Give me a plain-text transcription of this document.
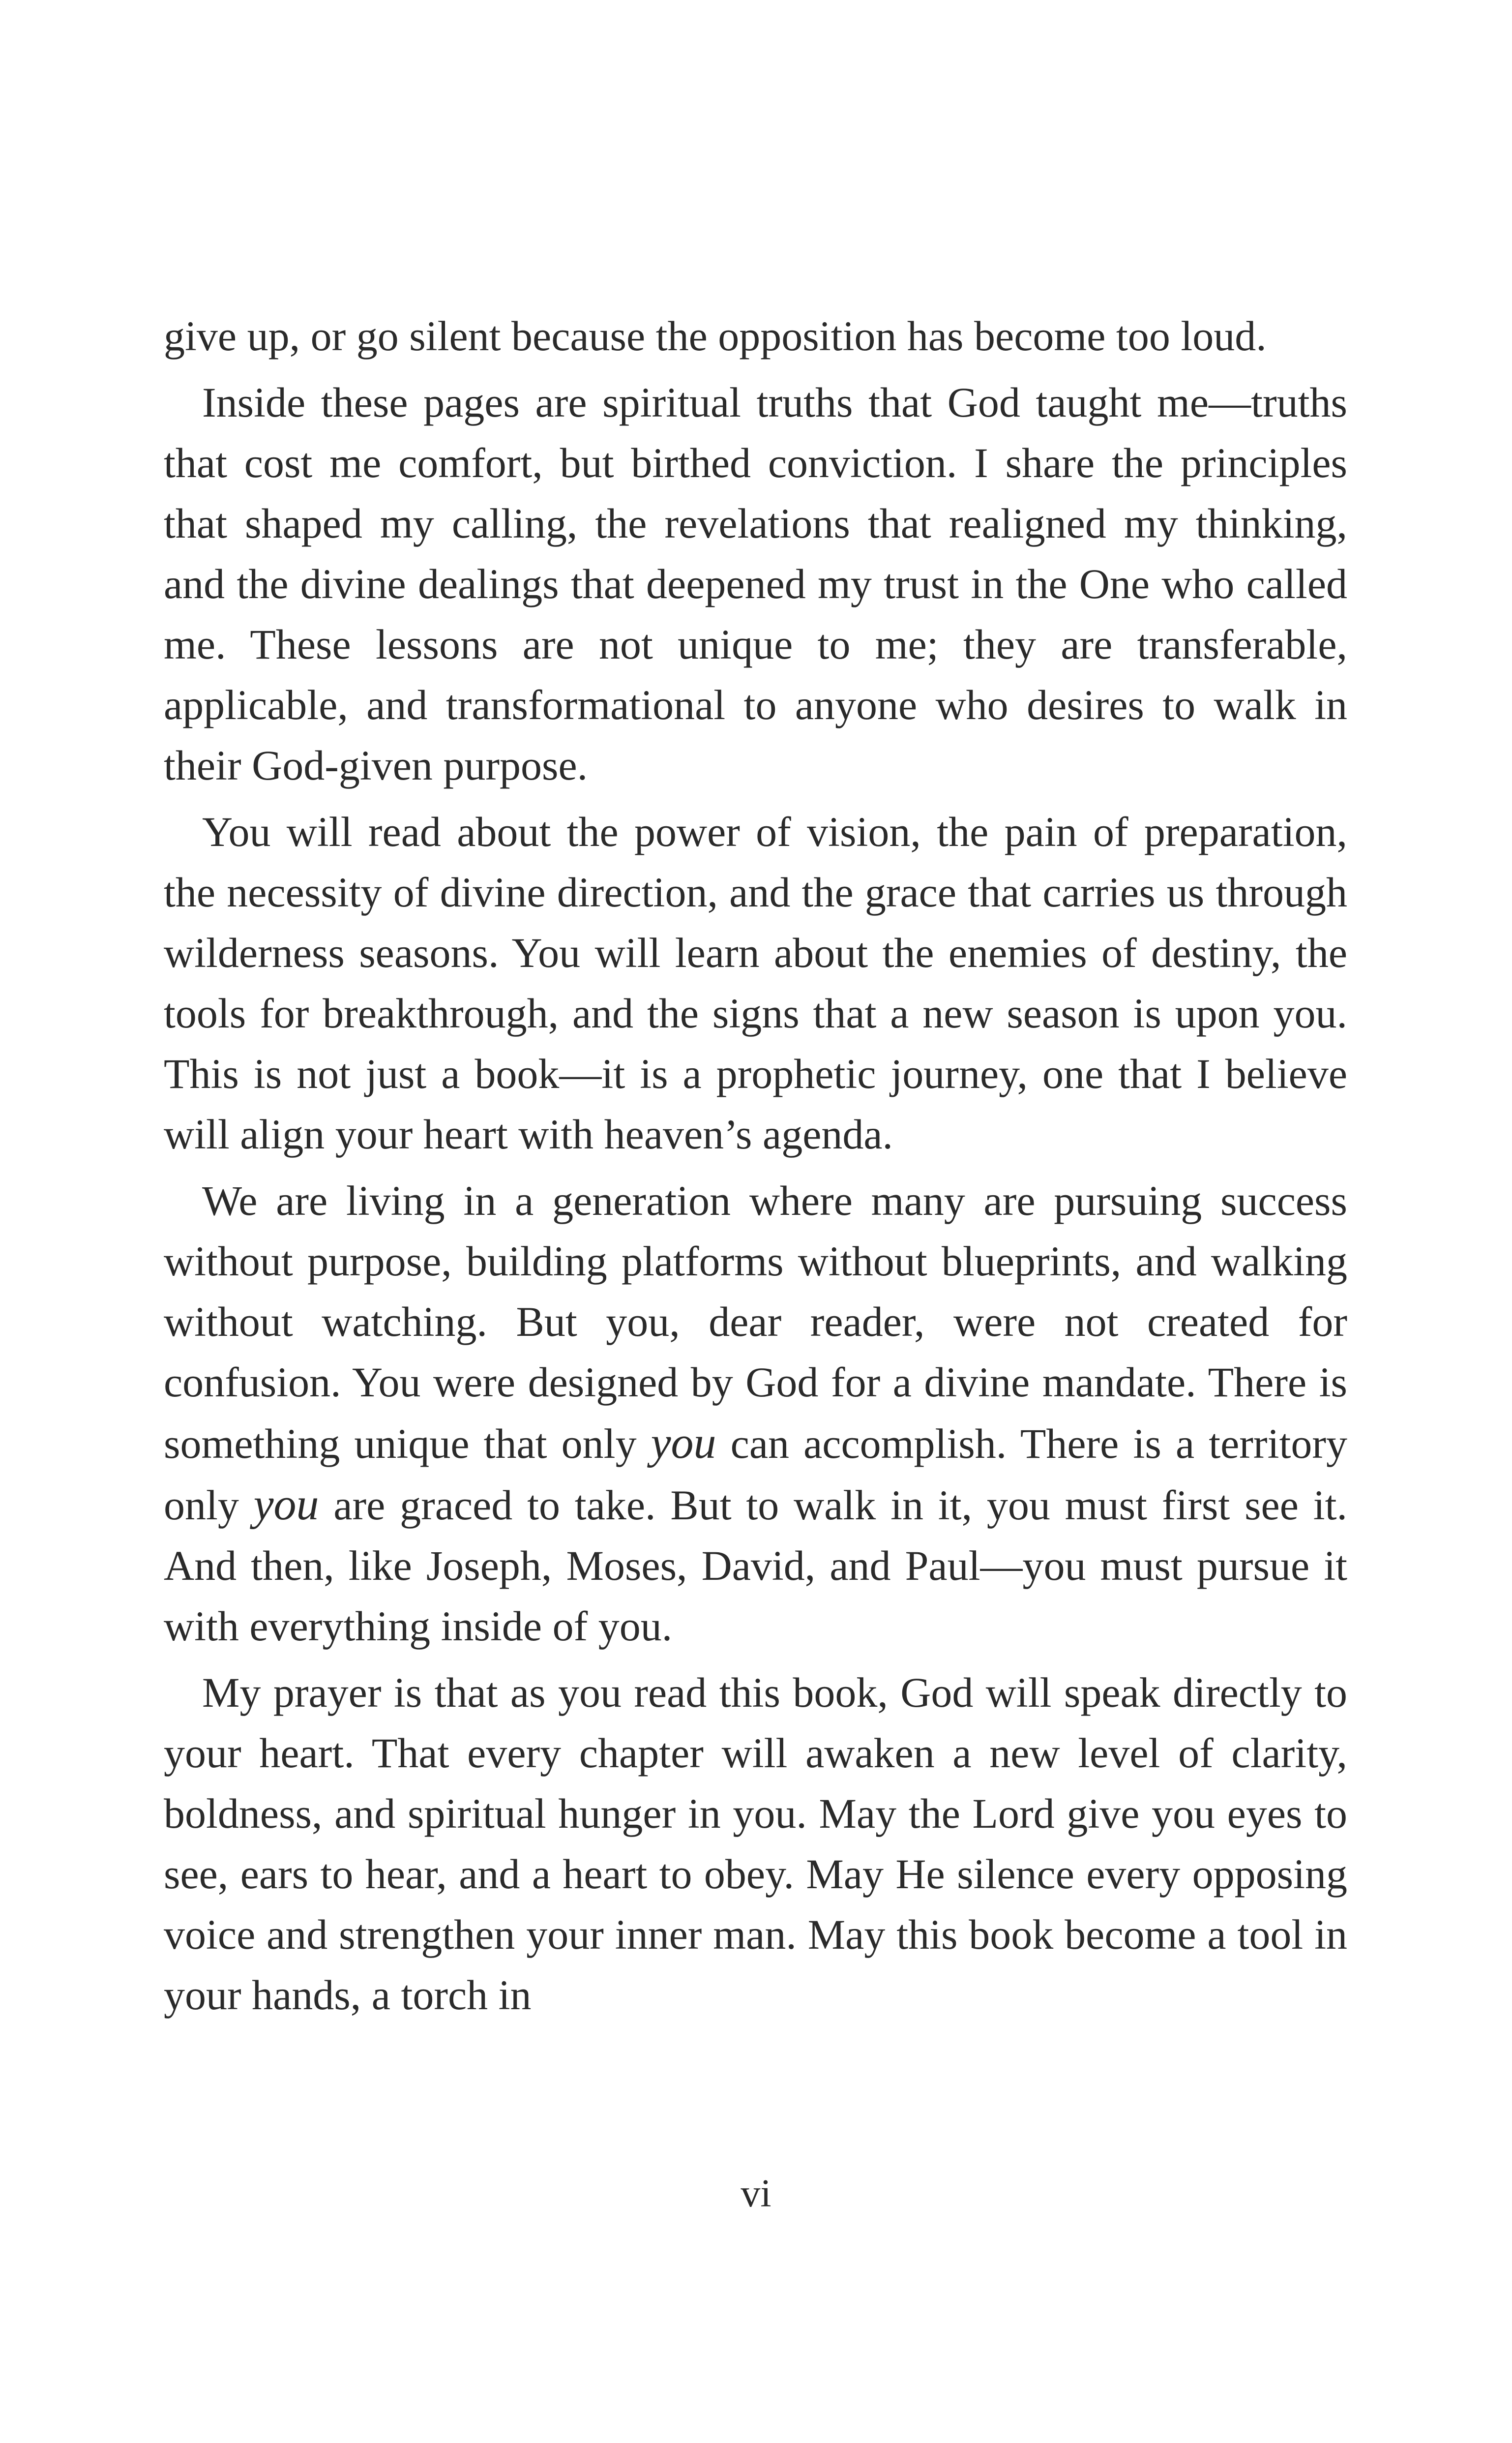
give up, or go silent because the opposition has become too loud.

Inside these pages are spiritual truths that God taught me—truths that cost me comfort, but birthed conviction. I share the principles that shaped my calling, the revelations that realigned my thinking, and the divine dealings that deepened my trust in the One who called me. These lessons are not unique to me; they are transferable, applicable, and transformational to anyone who desires to walk in their God-given purpose.

You will read about the power of vision, the pain of preparation, the necessity of divine direction, and the grace that carries us through wilderness seasons. You will learn about the enemies of destiny, the tools for breakthrough, and the signs that a new season is upon you. This is not just a book—it is a prophetic journey, one that I believe will align your heart with heaven’s agenda.

We are living in a generation where many are pursuing success without purpose, building platforms without blueprints, and walking without watching. But you, dear reader, were not created for confusion. You were designed by God for a divine mandate. There is something unique that only you can accomplish. There is a territory only you are graced to take. But to walk in it, you must first see it. And then, like Joseph, Moses, David, and Paul—you must pursue it with everything inside of you.

My prayer is that as you read this book, God will speak directly to your heart. That every chapter will awaken a new level of clarity, boldness, and spiritual hunger in you. May the Lord give you eyes to see, ears to hear, and a heart to obey. May He silence every opposing voice and strengthen your inner man. May this book become a tool in your hands, a torch in

vi
